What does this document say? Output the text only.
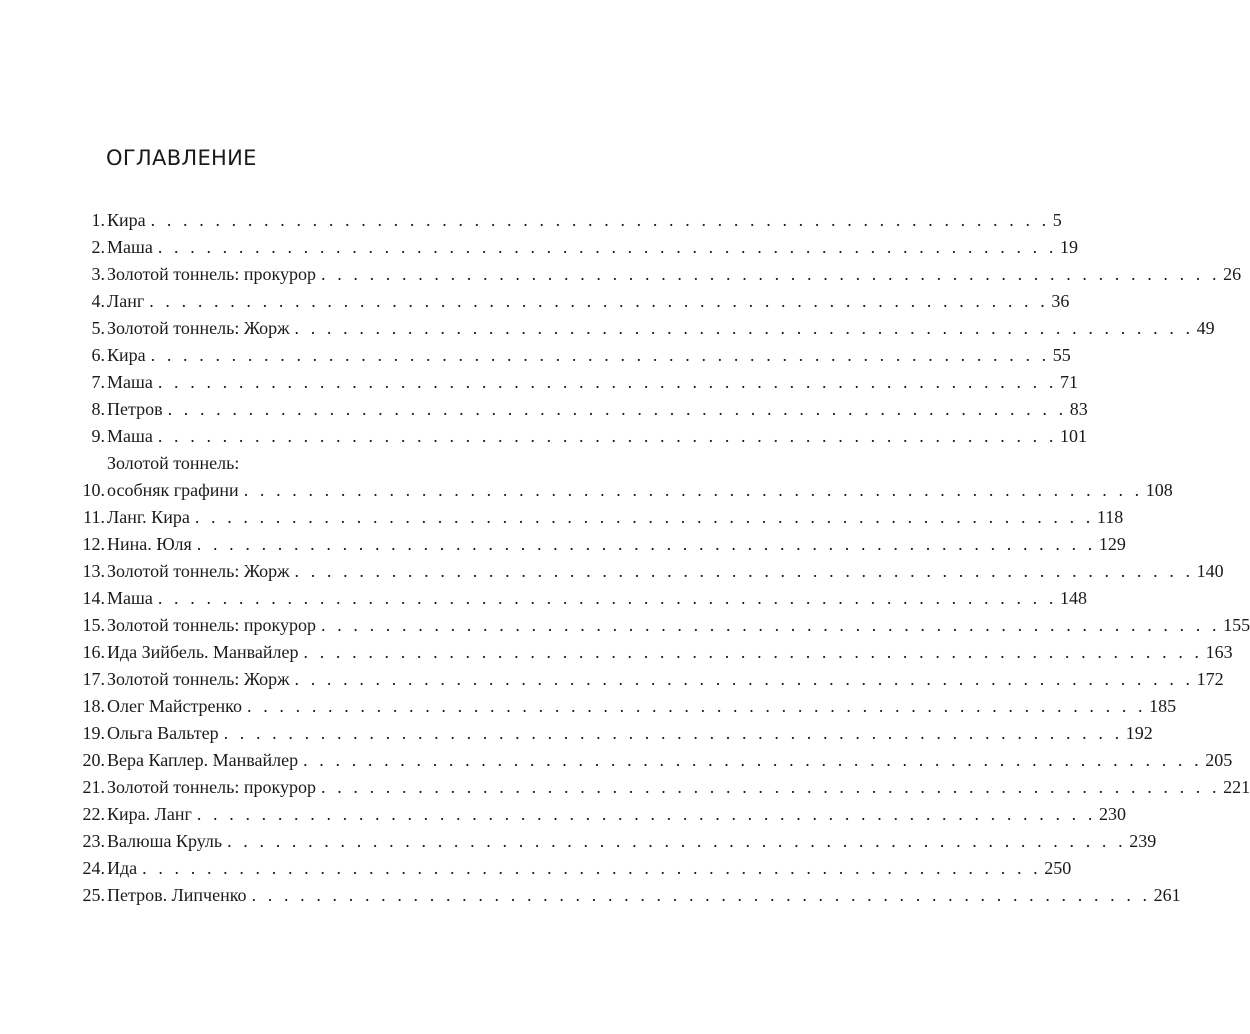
ОГЛАВЛЕНИЕ
1. Кира . . . . . . . . . . . . . . . . . . . . . . . . . . . . . . . . . . . . . . . . . . . . . . . . . . . . . . . . 5
2. Маша . . . . . . . . . . . . . . . . . . . . . . . . . . . . . . . . . . . . . . . . . . . . . . . . . . . . . . . . 19
3. Золотой тоннель: прокурор . . . . . . . . . . . . . . . . . . . . . . . . . . . . . . . . . . . . . . . . . . . . . . . . . . . . . . . . 26
4. Ланг . . . . . . . . . . . . . . . . . . . . . . . . . . . . . . . . . . . . . . . . . . . . . . . . . . . . . . . . 36
5. Золотой тоннель: Жорж . . . . . . . . . . . . . . . . . . . . . . . . . . . . . . . . . . . . . . . . . . . . . . . . . . . . . . . . 49
6. Кира . . . . . . . . . . . . . . . . . . . . . . . . . . . . . . . . . . . . . . . . . . . . . . . . . . . . . . . . 55
7. Маша . . . . . . . . . . . . . . . . . . . . . . . . . . . . . . . . . . . . . . . . . . . . . . . . . . . . . . . . 71
8. Петров . . . . . . . . . . . . . . . . . . . . . . . . . . . . . . . . . . . . . . . . . . . . . . . . . . . . . . . . 83
9. Маша . . . . . . . . . . . . . . . . . . . . . . . . . . . . . . . . . . . . . . . . . . . . . . . . . . . . . . . . 101
10.
Золотой тоннель:
особняк графини . . . . . . . . . . . . . . . . . . . . . . . . . . . . . . . . . . . . . . . . . . . . . . . . . . . . . . . . 108
11. Ланг. Кира . . . . . . . . . . . . . . . . . . . . . . . . . . . . . . . . . . . . . . . . . . . . . . . . . . . . . . . . 118
12. Нина. Юля . . . . . . . . . . . . . . . . . . . . . . . . . . . . . . . . . . . . . . . . . . . . . . . . . . . . . . . . 129
13. Золотой тоннель: Жорж . . . . . . . . . . . . . . . . . . . . . . . . . . . . . . . . . . . . . . . . . . . . . . . . . . . . . . . . 140
14. Маша . . . . . . . . . . . . . . . . . . . . . . . . . . . . . . . . . . . . . . . . . . . . . . . . . . . . . . . . 148
15. Золотой тоннель: прокурор . . . . . . . . . . . . . . . . . . . . . . . . . . . . . . . . . . . . . . . . . . . . . . . . . . . . . . . . 155
16. Ида Зийбель. Манвайлер . . . . . . . . . . . . . . . . . . . . . . . . . . . . . . . . . . . . . . . . . . . . . . . . . . . . . . . . 163
17. Золотой тоннель: Жорж . . . . . . . . . . . . . . . . . . . . . . . . . . . . . . . . . . . . . . . . . . . . . . . . . . . . . . . . 172
18. Олег Майстренко . . . . . . . . . . . . . . . . . . . . . . . . . . . . . . . . . . . . . . . . . . . . . . . . . . . . . . . . 185
19. Ольга Вальтер . . . . . . . . . . . . . . . . . . . . . . . . . . . . . . . . . . . . . . . . . . . . . . . . . . . . . . . . 192
20. Вера Каплер. Манвайлер . . . . . . . . . . . . . . . . . . . . . . . . . . . . . . . . . . . . . . . . . . . . . . . . . . . . . . . . 205
21. Золотой тоннель: прокурор . . . . . . . . . . . . . . . . . . . . . . . . . . . . . . . . . . . . . . . . . . . . . . . . . . . . . . . . 221
22. Кира. Ланг . . . . . . . . . . . . . . . . . . . . . . . . . . . . . . . . . . . . . . . . . . . . . . . . . . . . . . . . 230
23. Валюша Круль . . . . . . . . . . . . . . . . . . . . . . . . . . . . . . . . . . . . . . . . . . . . . . . . . . . . . . . . 239
24. Ида . . . . . . . . . . . . . . . . . . . . . . . . . . . . . . . . . . . . . . . . . . . . . . . . . . . . . . . . 250
25. Петров. Липченко . . . . . . . . . . . . . . . . . . . . . . . . . . . . . . . . . . . . . . . . . . . . . . . . . . . . . . . . 261
